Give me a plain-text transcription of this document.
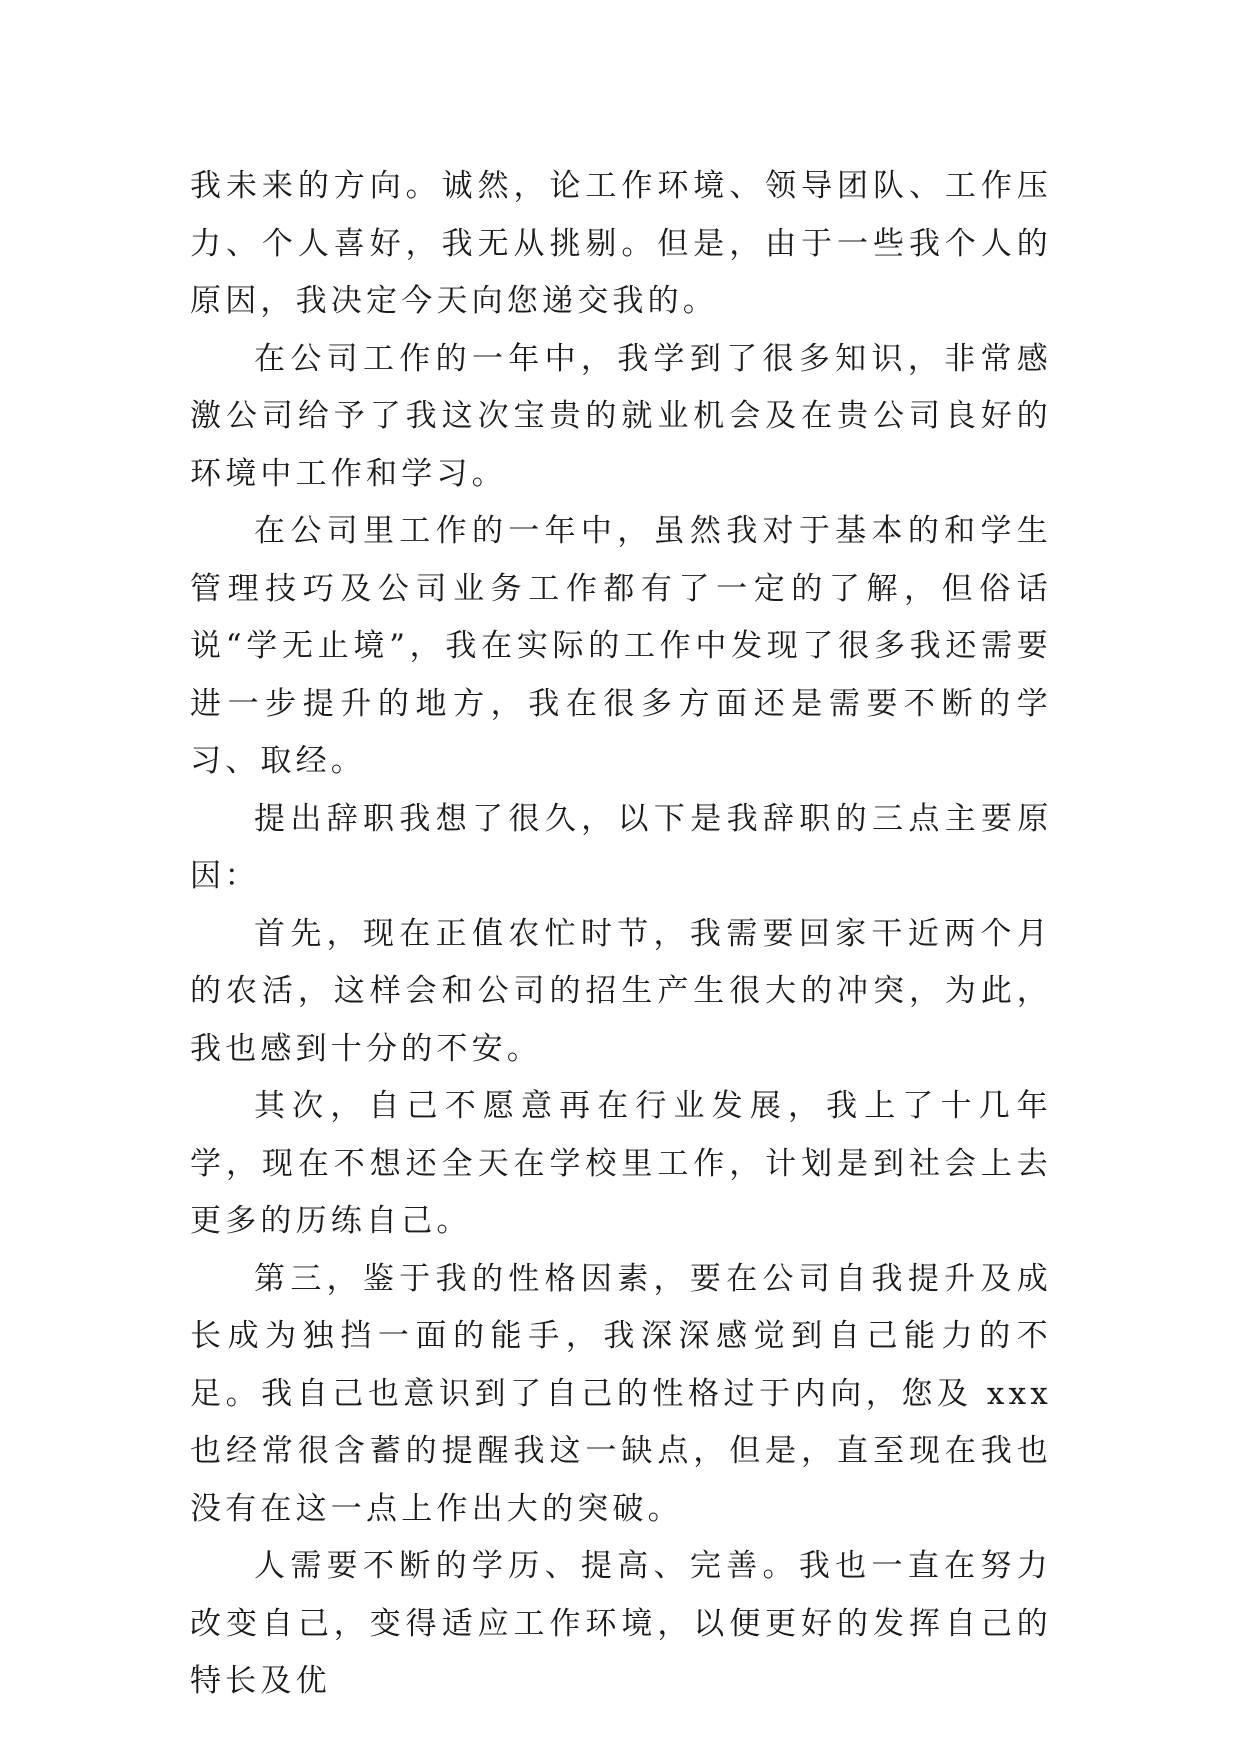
我未来的方向。诚然，论工作环境、领导团队、工作压力、个人喜好，我无从挑剔。但是，由于一些我个人的原因，我决定今天向您递交我的。

在公司工作的一年中，我学到了很多知识，非常感激公司给予了我这次宝贵的就业机会及在贵公司良好的环境中工作和学习。

在公司里工作的一年中，虽然我对于基本的和学生管理技巧及公司业务工作都有了一定的了解，但俗话说“学无止境”，我在实际的工作中发现了很多我还需要进一步提升的地方，我在很多方面还是需要不断的学习、取经。

提出辞职我想了很久，以下是我辞职的三点主要原因：

首先，现在正值农忙时节，我需要回家干近两个月的农活，这样会和公司的招生产生很大的冲突，为此，我也感到十分的不安。

其次，自己不愿意再在行业发展，我上了十几年学，现在不想还全天在学校里工作，计划是到社会上去更多的历练自己。

第三，鉴于我的性格因素，要在公司自我提升及成长成为独挡一面的能手，我深深感觉到自己能力的不足。我自己也意识到了自己的性格过于内向，您及 xxx 也经常很含蓄的提醒我这一缺点，但是，直至现在我也没有在这一点上作出大的突破。

人需要不断的学历、提高、完善。我也一直在努力改变自己，变得适应工作环境，以便更好的发挥自己的特长及优
